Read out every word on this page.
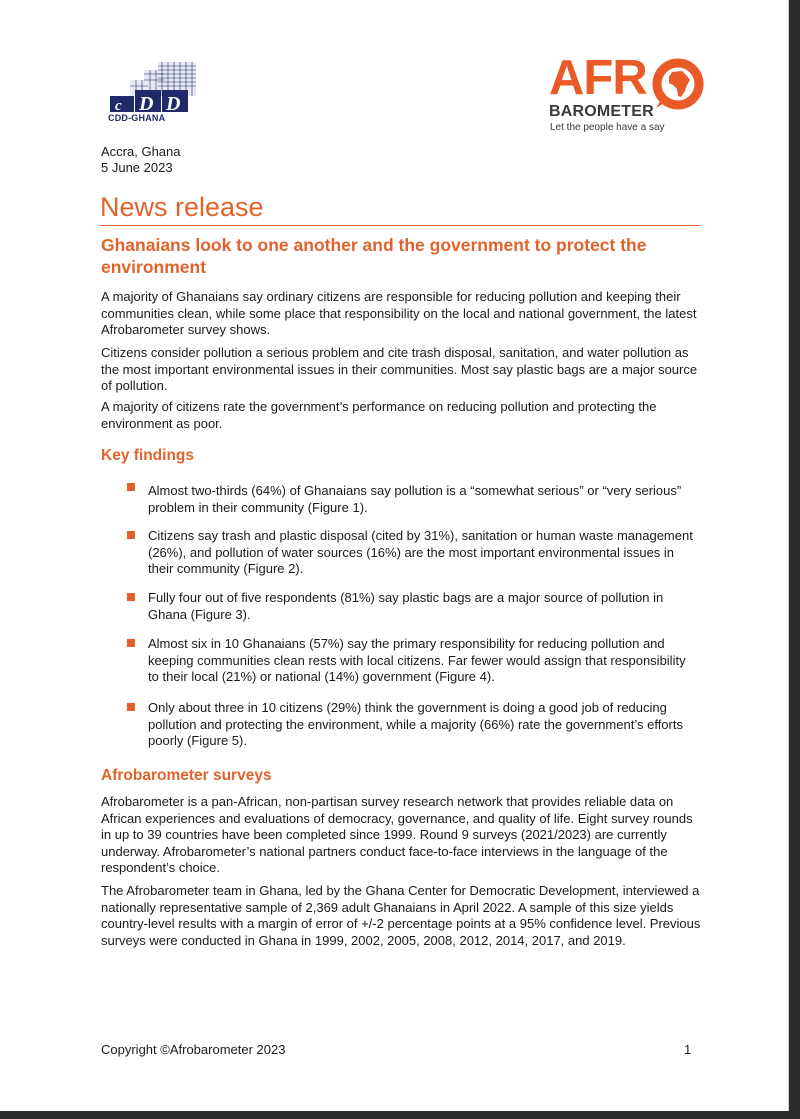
c D D
CDD-GHANA
AFR
BAROMETER
Let the people have a say
Accra, Ghana
5 June 2023
News release
Ghanaians look to one another and the government to protect the environment
A majority of Ghanaians say ordinary citizens are responsible for reducing pollution and keeping their communities clean, while some place that responsibility on the local and national government, the latest Afrobarometer survey shows.
Citizens consider pollution a serious problem and cite trash disposal, sanitation, and water pollution as the most important environmental issues in their communities. Most say plastic bags are a major source of pollution.
A majority of citizens rate the government’s performance on reducing pollution and protecting the environment as poor.
Key findings
Almost two-thirds (64%) of Ghanaians say pollution is a “somewhat serious” or “very serious” problem in their community (Figure 1).
Citizens say trash and plastic disposal (cited by 31%), sanitation or human waste management (26%), and pollution of water sources (16%) are the most important environmental issues in their community (Figure 2).
Fully four out of five respondents (81%) say plastic bags are a major source of pollution in Ghana (Figure 3).
Almost six in 10 Ghanaians (57%) say the primary responsibility for reducing pollution and keeping communities clean rests with local citizens. Far fewer would assign that responsibility to their local (21%) or national (14%) government (Figure 4).
Only about three in 10 citizens (29%) think the government is doing a good job of reducing pollution and protecting the environment, while a majority (66%) rate the government’s efforts poorly (Figure 5).
Afrobarometer surveys
Afrobarometer is a pan-African, non-partisan survey research network that provides reliable data on African experiences and evaluations of democracy, governance, and quality of life. Eight survey rounds in up to 39 countries have been completed since 1999. Round 9 surveys (2021/2023) are currently underway. Afrobarometer’s national partners conduct face-to-face interviews in the language of the respondent’s choice.
The Afrobarometer team in Ghana, led by the Ghana Center for Democratic Development, interviewed a nationally representative sample of 2,369 adult Ghanaians in April 2022. A sample of this size yields country-level results with a margin of error of +/-2 percentage points at a 95% confidence level. Previous surveys were conducted in Ghana in 1999, 2002, 2005, 2008, 2012, 2014, 2017, and 2019.
Copyright ©Afrobarometer 2023	1
